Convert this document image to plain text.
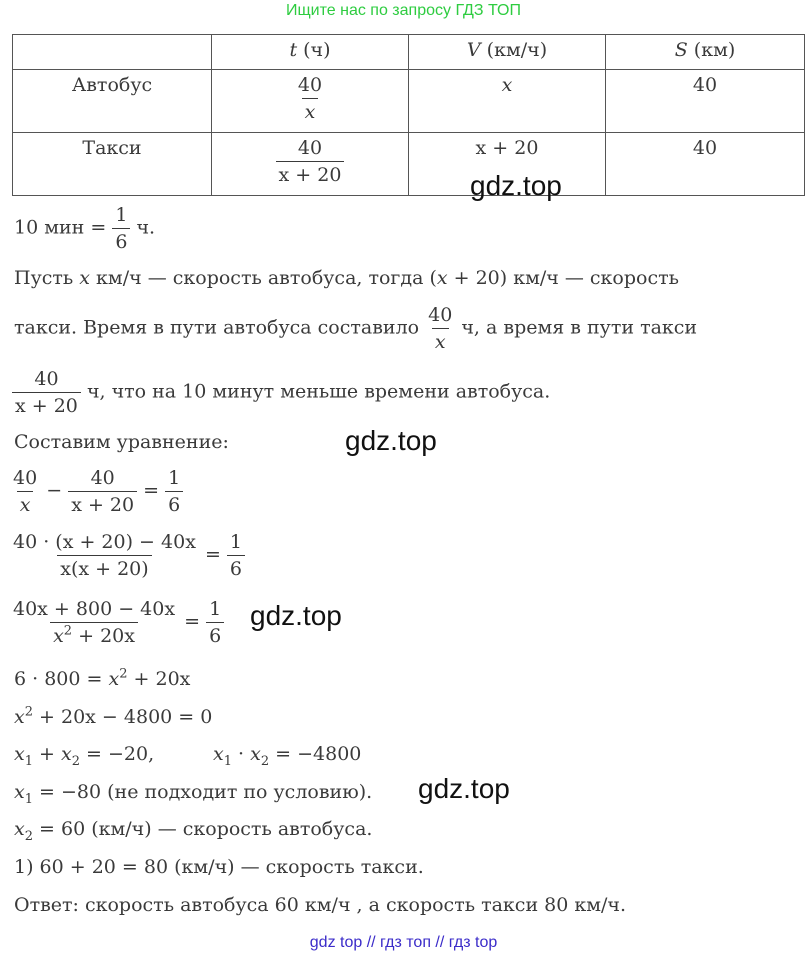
Ищите нас по запросу ГДЗ ТОП
	t (ч)	V (км/ч)	S (км)
Автобус	$\frac{40}{x}$	x	40
Такси	$\frac{40}{x + 20}$	x + 20	40
gdz.top
gdz.top
gdz.top
gdz.top
10 мин = $\frac{1}{6} ч$.
Пусть x км/ч — скорость автобуса, тогда (x + 20) км/ч — скорость
такси. Время в пути автобуса составило $\frac{40}{x} ч$, а время в пути такси
$\frac{40}{x + 20} ч$, что на 10 минут меньше времени автобуса.
Составим уравнение:
$\frac{40}{x} - \frac{40}{x + 20} = \frac{1}{6}$
$\frac{40 \cdot (x + 20) - 40x}{x(x + 20)} = \frac{1}{6}$
$\frac{40x + 800 - 40x}{x^2 + 20x} = \frac{1}{6}$
$6 \cdot 800 = x^2 + 20x$
$x^2 + 20x - 4800 = 0$
$x_1 + x_2 = -20$,	$x_1 \cdot x_2 = -4800$
$x_1 = -80$ (не подходит по условию).
$x_2 = 60$ (км/ч) — скорость автобуса.
1) 60 + 20 = 80 (км/ч) — скорость такси.
Ответ: скорость автобуса 60 км/ч , а скорость такси 80 км/ч.
gdz top // гдз топ // гдз top
